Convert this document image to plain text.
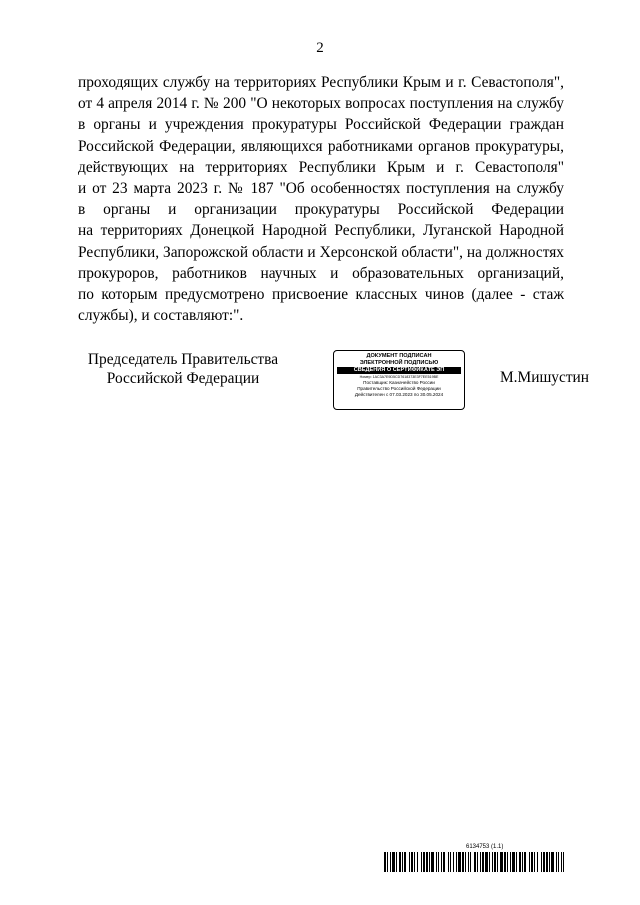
2
проходящих службу на территориях Республики Крым и г. Севастополя",
от 4 апреля 2014 г. № 200 "О некоторых вопросах поступления на службу
в органы и учреждения прокуратуры Российской Федерации граждан
Российской Федерации, являющихся работниками органов прокуратуры,
действующих на территориях Республики Крым и г. Севастополя"
и от 23 марта 2023 г. № 187 "Об особенностях поступления на службу
в органы и организации прокуратуры Российской Федерации
на территориях Донецкой Народной Республики, Луганской Народной
Республики, Запорожской области и Херсонской области", на должностях
прокуроров, работников научных и образовательных организаций,
по которым предусмотрено присвоение классных чинов (далее - стаж
службы), и составляют:".
Председатель Правительства
Российской Федерации
ДОКУМЕНТ ПОДПИСАН
ЭЛЕКТРОННОЙ ПОДПИСЬЮ
СВЕДЕНИЯ О СЕРТИФИКАТЕ ЭП
Номер: 1AC3A7E9D5CD7618373E3F7EE519BE
Поставщик: Казначейство России
Правительство Российской Федерации
Действителен с 07.03.2023 по 30.05.2024
М.Мишустин
6134753 (1.1)
